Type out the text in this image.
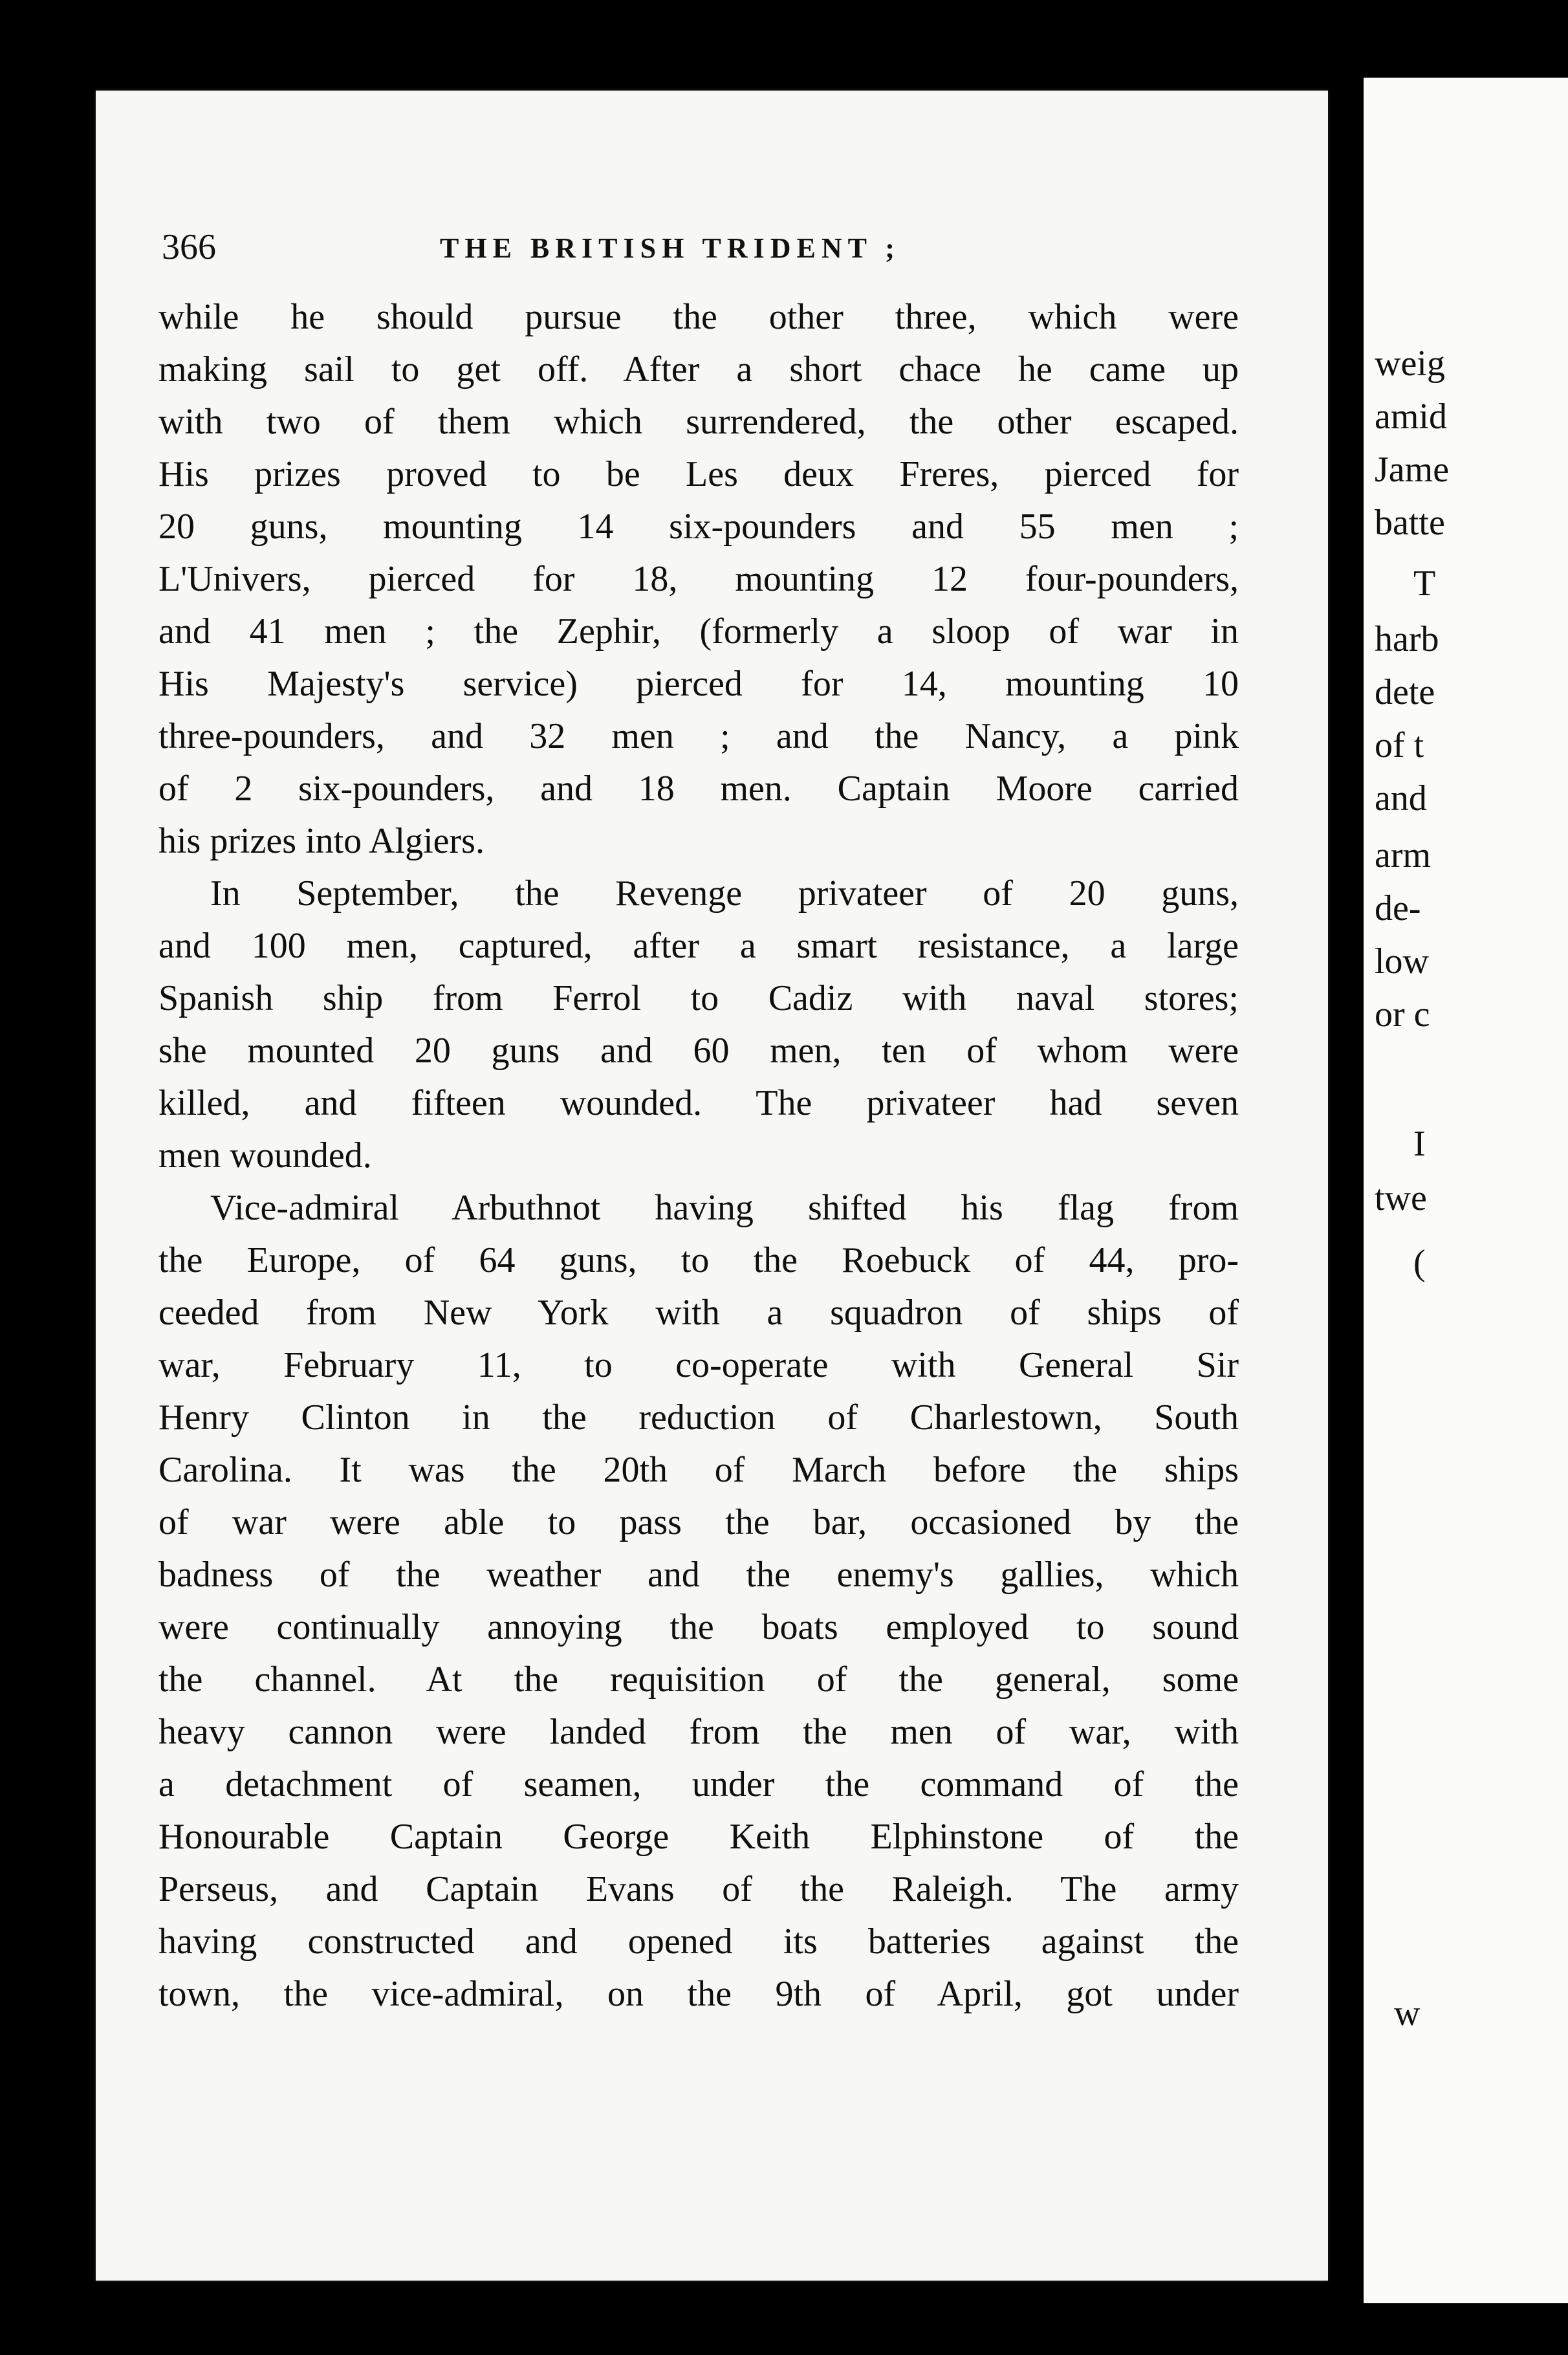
366	THE BRITISH TRIDENT ;
while he should pursue the other three, which were
making sail to get off. After a short chace he came up
with two of them which surrendered, the other escaped.
His prizes proved to be Les deux Freres, pierced for
20 guns, mounting 14 six-pounders and 55 men ;
L'Univers, pierced for 18, mounting 12 four-pounders,
and 41 men ; the Zephir, (formerly a sloop of war in
His Majesty's service) pierced for 14, mounting 10
three-pounders, and 32 men ; and the Nancy, a pink
of 2 six-pounders, and 18 men. Captain Moore carried
his prizes into Algiers.
In September, the Revenge privateer of 20 guns,
and 100 men, captured, after a smart resistance, a large
Spanish ship from Ferrol to Cadiz with naval stores;
she mounted 20 guns and 60 men, ten of whom were
killed, and fifteen wounded. The privateer had seven
men wounded.
Vice-admiral Arbuthnot having shifted his flag from
the Europe, of 64 guns, to the Roebuck of 44, pro-
ceeded from New York with a squadron of ships of
war, February 11, to co-operate with General Sir
Henry Clinton in the reduction of Charlestown, South
Carolina. It was the 20th of March before the ships
of war were able to pass the bar, occasioned by the
badness of the weather and the enemy's gallies, which
were continually annoying the boats employed to sound
the channel. At the requisition of the general, some
heavy cannon were landed from the men of war, with
a detachment of seamen, under the command of the
Honourable Captain George Keith Elphinstone of the
Perseus, and Captain Evans of the Raleigh. The army
having constructed and opened its batteries against the
town, the vice-admiral, on the 9th of April, got under
weig
amid
Jame
batte
T
harb
dete
of t
and
arm
de-
low
or c
I
twe
(
w
